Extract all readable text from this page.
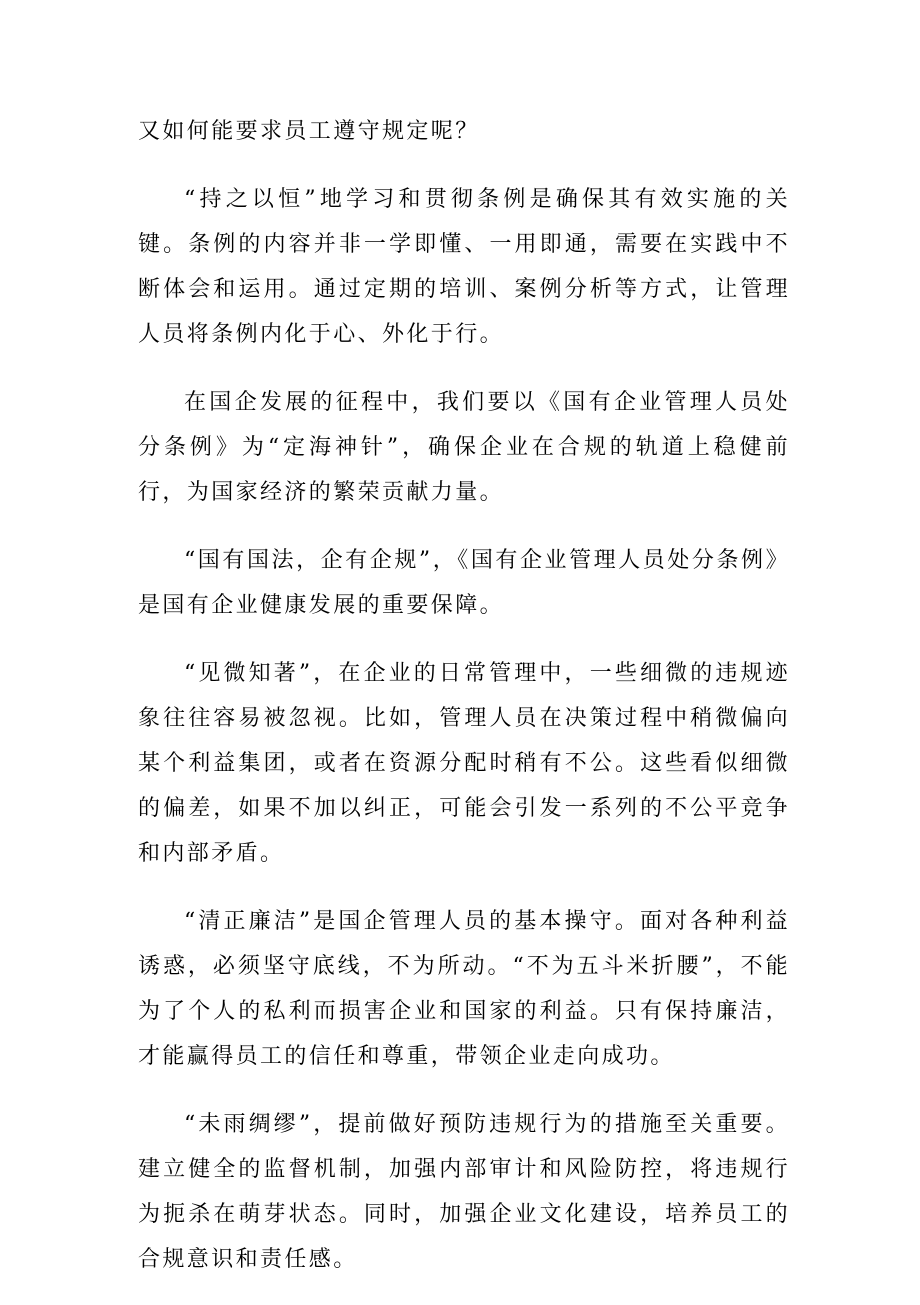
又如何能要求员工遵守规定呢？

“持之以恒”地学习和贯彻条例是确保其有效实施的关键。条例的内容并非一学即懂、一用即通，需要在实践中不断体会和运用。通过定期的培训、案例分析等方式，让管理人员将条例内化于心、外化于行。

在国企发展的征程中，我们要以《国有企业管理人员处分条例》为“定海神针”，确保企业在合规的轨道上稳健前行，为国家经济的繁荣贡献力量。

“国有国法，企有企规”，《国有企业管理人员处分条例》是国有企业健康发展的重要保障。

“见微知著”，在企业的日常管理中，一些细微的违规迹象往往容易被忽视。比如，管理人员在决策过程中稍微偏向某个利益集团，或者在资源分配时稍有不公。这些看似细微的偏差，如果不加以纠正，可能会引发一系列的不公平竞争和内部矛盾。

“清正廉洁”是国企管理人员的基本操守。面对各种利益诱惑，必须坚守底线，不为所动。“不为五斗米折腰”，不能为了个人的私利而损害企业和国家的利益。只有保持廉洁，才能赢得员工的信任和尊重，带领企业走向成功。

“未雨绸缪”，提前做好预防违规行为的措施至关重要。建立健全的监督机制，加强内部审计和风险防控，将违规行为扼杀在萌芽状态。同时，加强企业文化建设，培养员工的合规意识和责任感。
